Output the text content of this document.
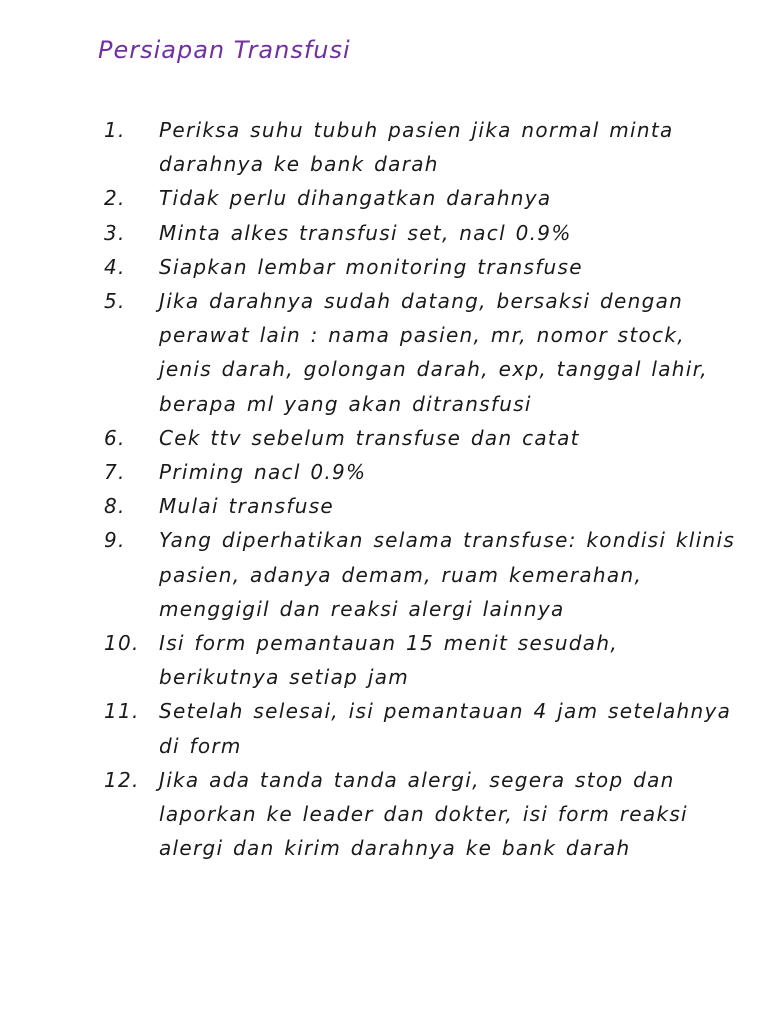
Persiapan Transfusi
1.	Periksa suhu tubuh pasien jika normal minta darahnya ke bank darah
2.	Tidak perlu dihangatkan darahnya
3.	Minta alkes transfusi set, nacl 0.9%
4.	Siapkan lembar monitoring transfuse
5.	Jika darahnya sudah datang, bersaksi dengan perawat lain : nama pasien, mr, nomor stock, jenis darah, golongan darah, exp, tanggal lahir, berapa ml yang akan ditransfusi
6.	Cek ttv sebelum transfuse dan catat
7.	Priming nacl 0.9%
8.	Mulai transfuse
9.	Yang diperhatikan selama transfuse: kondisi klinis pasien, adanya demam, ruam kemerahan, menggigil dan reaksi alergi lainnya
10. Isi form pemantauan 15 menit sesudah, berikutnya setiap jam
11. Setelah selesai, isi pemantauan 4 jam setelahnya di form
12. Jika ada tanda tanda alergi, segera stop dan laporkan ke leader dan dokter, isi form reaksi alergi dan kirim darahnya ke bank darah
